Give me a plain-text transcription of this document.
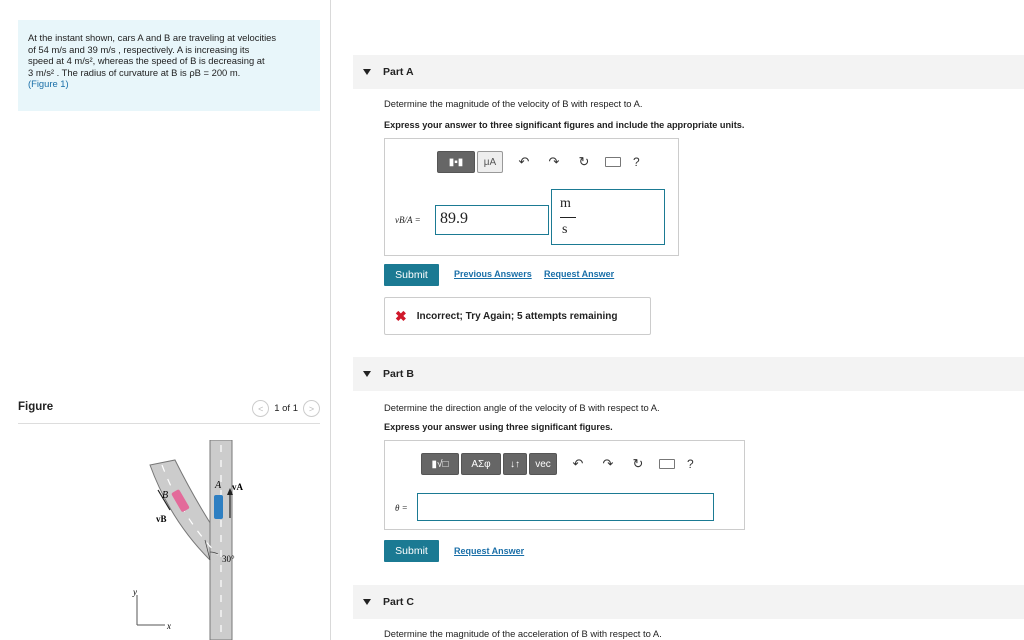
At the instant shown, cars A and B are traveling at velocities
of 54 m/s and 39 m/s , respectively. A is increasing its
speed at 4 m/s², whereas the speed of B is decreasing at
3 m/s² . The radius of curvature at B is ρB = 200 m.
(Figure 1)
Figure	<	1 of 1	>
B
vB
A vA
30°
y
x
Part A
Determine the magnitude of the velocity of B with respect to A.
Express your answer to three significant figures and include the appropriate units.
▮▪▮	μA	↶	↷	↻	?
vB/A =	89.9
m
s
Submit	Previous Answers Request Answer
✖ Incorrect; Try Again; 5 attempts remaining
Part B
Determine the direction angle of the velocity of B with respect to A.
Express your answer using three significant figures.
▮√□	ΑΣφ	↓↑	vec	↶	↷	↻	?
θ =
Submit	Request Answer
Part C
Determine the magnitude of the acceleration of B with respect to A.
